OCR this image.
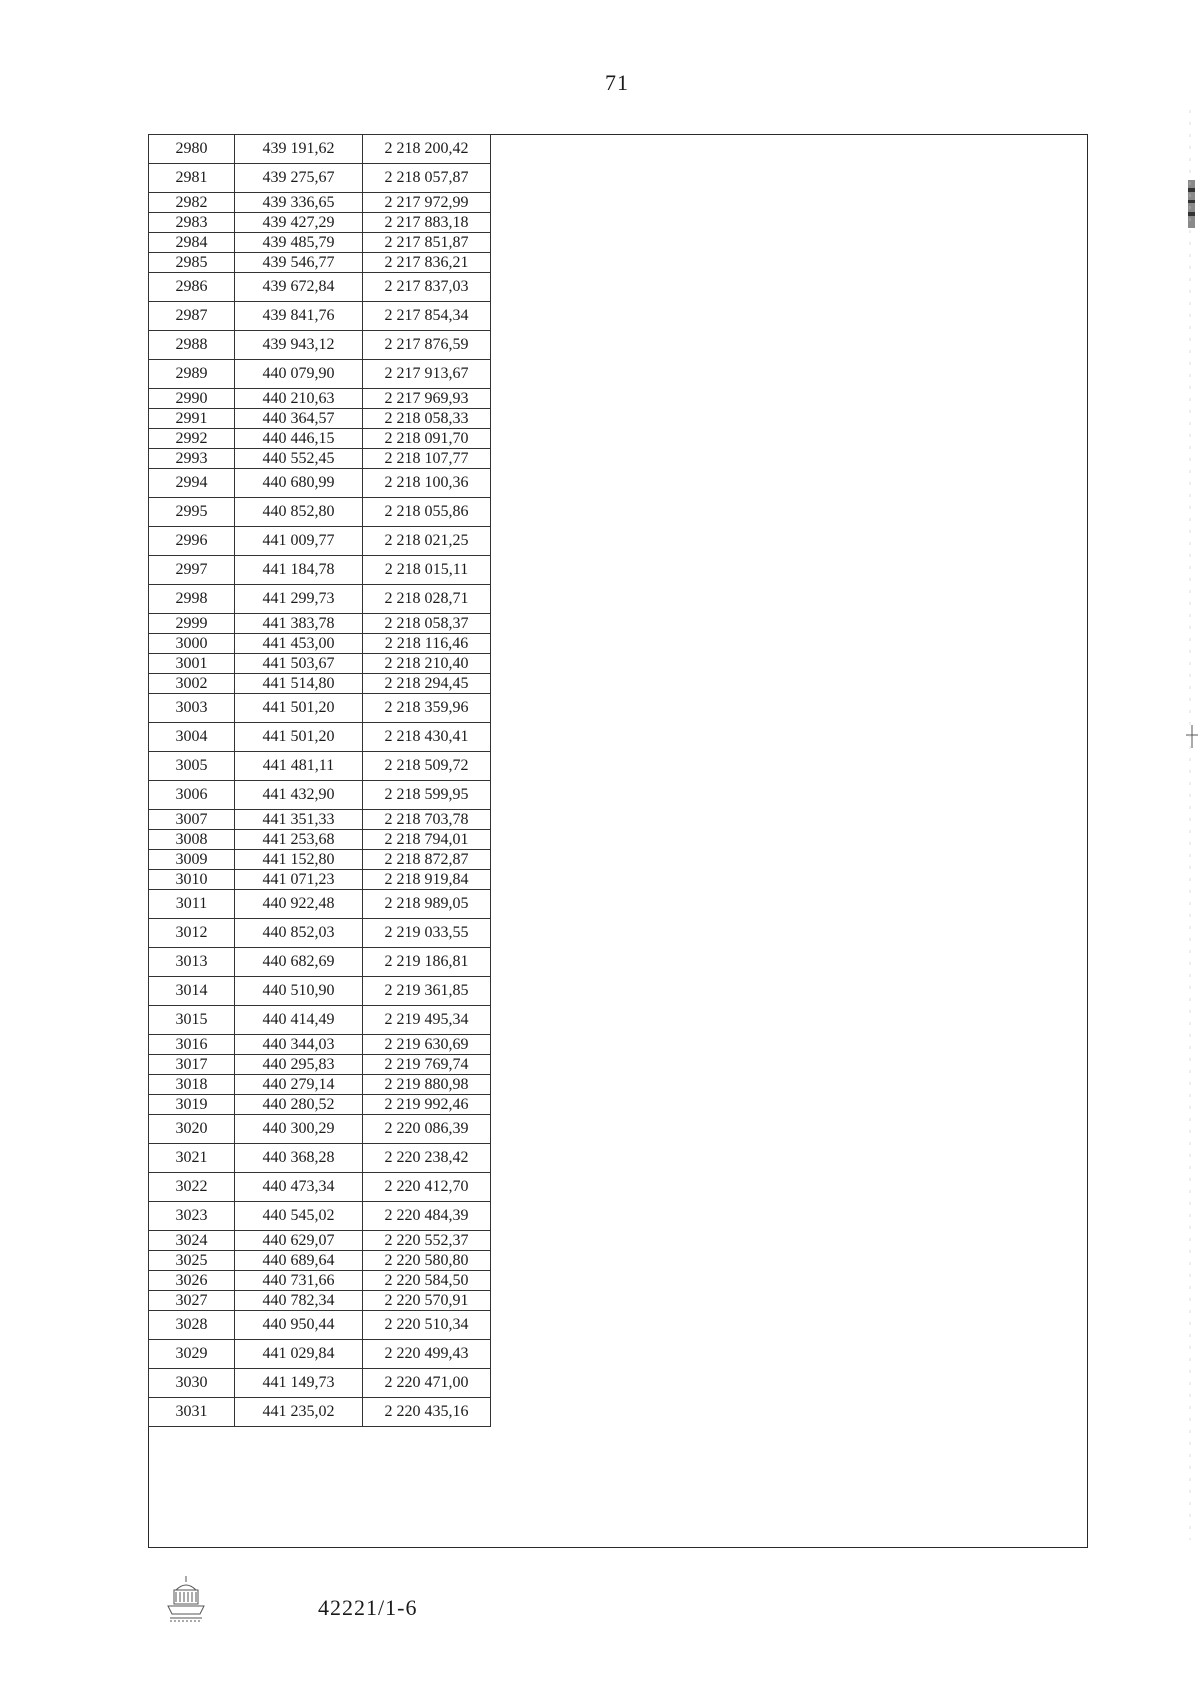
71
2980	439 191,62	2 218 200,42
2981	439 275,67	2 218 057,87
2982	439 336,65	2 217 972,99
2983	439 427,29	2 217 883,18
2984	439 485,79	2 217 851,87
2985	439 546,77	2 217 836,21
2986	439 672,84	2 217 837,03
2987	439 841,76	2 217 854,34
2988	439 943,12	2 217 876,59
2989	440 079,90	2 217 913,67
2990	440 210,63	2 217 969,93
2991	440 364,57	2 218 058,33
2992	440 446,15	2 218 091,70
2993	440 552,45	2 218 107,77
2994	440 680,99	2 218 100,36
2995	440 852,80	2 218 055,86
2996	441 009,77	2 218 021,25
2997	441 184,78	2 218 015,11
2998	441 299,73	2 218 028,71
2999	441 383,78	2 218 058,37
3000	441 453,00	2 218 116,46
3001	441 503,67	2 218 210,40
3002	441 514,80	2 218 294,45
3003	441 501,20	2 218 359,96
3004	441 501,20	2 218 430,41
3005	441 481,11	2 218 509,72
3006	441 432,90	2 218 599,95
3007	441 351,33	2 218 703,78
3008	441 253,68	2 218 794,01
3009	441 152,80	2 218 872,87
3010	441 071,23	2 218 919,84
3011	440 922,48	2 218 989,05
3012	440 852,03	2 219 033,55
3013	440 682,69	2 219 186,81
3014	440 510,90	2 219 361,85
3015	440 414,49	2 219 495,34
3016	440 344,03	2 219 630,69
3017	440 295,83	2 219 769,74
3018	440 279,14	2 219 880,98
3019	440 280,52	2 219 992,46
3020	440 300,29	2 220 086,39
3021	440 368,28	2 220 238,42
3022	440 473,34	2 220 412,70
3023	440 545,02	2 220 484,39
3024	440 629,07	2 220 552,37
3025	440 689,64	2 220 580,80
3026	440 731,66	2 220 584,50
3027	440 782,34	2 220 570,91
3028	440 950,44	2 220 510,34
3029	441 029,84	2 220 499,43
3030	441 149,73	2 220 471,00
3031	441 235,02	2 220 435,16
42221/1-6
